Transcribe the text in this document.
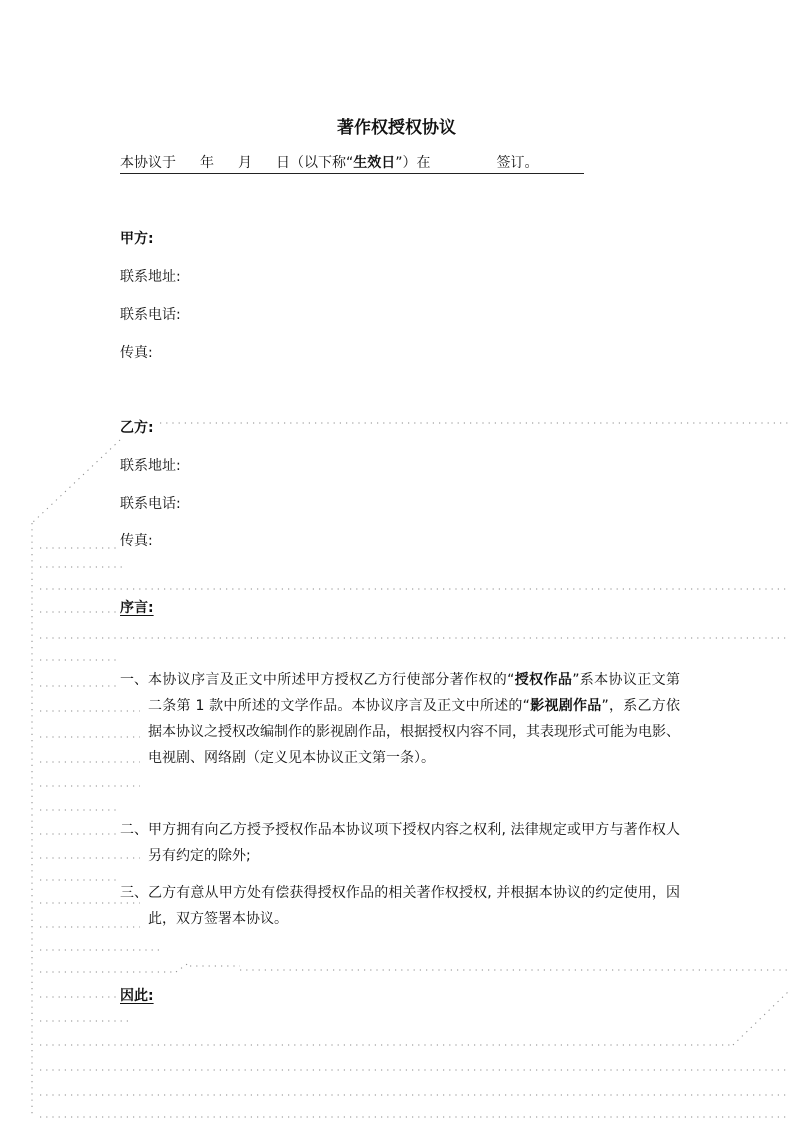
著作权授权协议
本协议于 年 月 日（以下称“生效日”）在	签订。
甲方:
联系地址:
联系电话:
传真:
乙方:
联系地址:
联系电话:
传真:
序言:
一、 本协议序言及正文中所述甲方授权乙方行使部分著作权的“授权作品”系本协议正文第二条第 1 款中所述的文学作品。本协议序言及正文中所述的“影视剧作品”，系乙方依据本协议之授权改编制作的影视剧作品，根据授权内容不同，其表现形式可能为电影、电视剧、网络剧（定义见本协议正文第一条）。
二、 甲方拥有向乙方授予授权作品本协议项下授权内容之权利, 法律规定或甲方与著作权人另有约定的除外;
三、 乙方有意从甲方处有偿获得授权作品的相关著作权授权, 并根据本协议的约定使用，因此，双方签署本协议。
因此:
